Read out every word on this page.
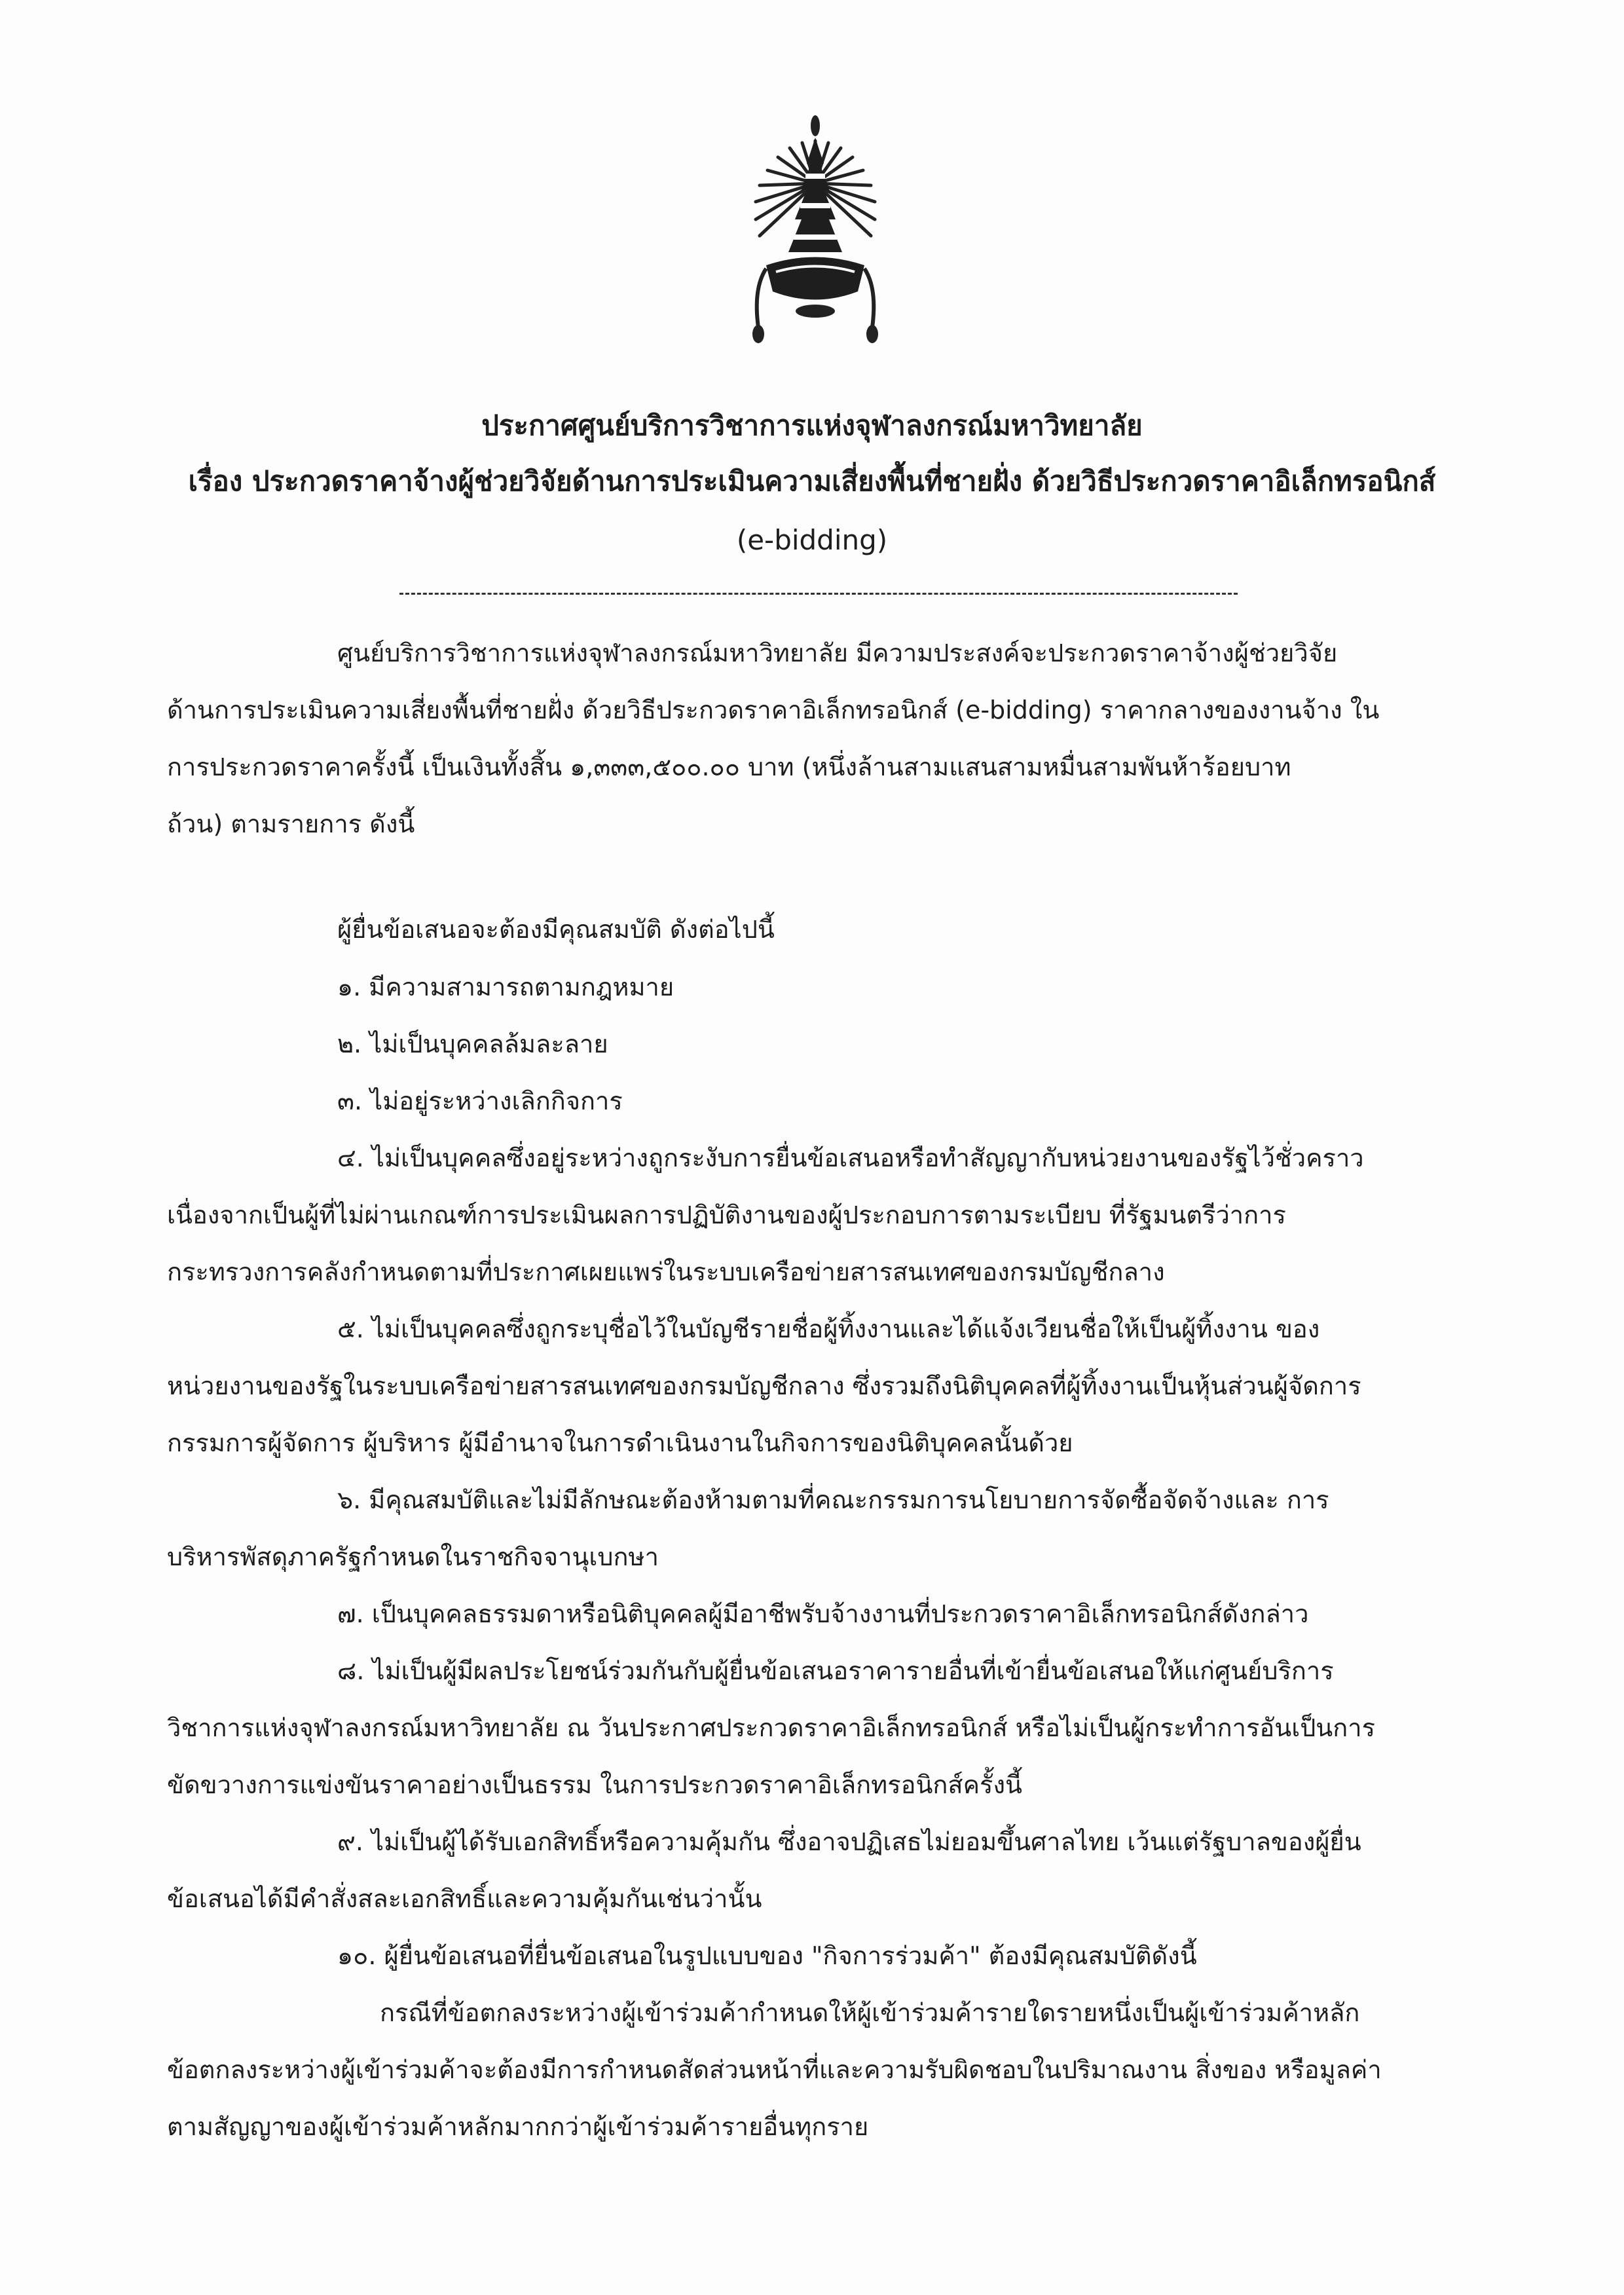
ประกาศศูนย์บริการวิชาการแห่งจุฬาลงกรณ์มหาวิทยาลัย
เรื่อง ประกวดราคาจ้างผู้ช่วยวิจัยด้านการประเมินความเสี่ยงพื้นที่ชายฝั่ง ด้วยวิธีประกวดราคาอิเล็กทรอนิกส์
(e-bidding)
ศูนย์บริการวิชาการแห่งจุฬาลงกรณ์มหาวิทยาลัย มีความประสงค์จะประกวดราคาจ้างผู้ช่วยวิจัย
ด้านการประเมินความเสี่ยงพื้นที่ชายฝั่ง ด้วยวิธีประกวดราคาอิเล็กทรอนิกส์ (e-bidding) ราคากลางของงานจ้าง ใน
การประกวดราคาครั้งนี้ เป็นเงินทั้งสิ้น ๑,๓๓๓,๕๐๐.๐๐ บาท (หนึ่งล้านสามแสนสามหมื่นสามพันห้าร้อยบาท
ถ้วน) ตามรายการ ดังนี้
ผู้ยื่นข้อเสนอจะต้องมีคุณสมบัติ ดังต่อไปนี้
๑. มีความสามารถตามกฎหมาย
๒. ไม่เป็นบุคคลล้มละลาย
๓. ไม่อยู่ระหว่างเลิกกิจการ
๔. ไม่เป็นบุคคลซึ่งอยู่ระหว่างถูกระงับการยื่นข้อเสนอหรือทำสัญญากับหน่วยงานของรัฐไว้ชั่วคราว
เนื่องจากเป็นผู้ที่ไม่ผ่านเกณฑ์การประเมินผลการปฏิบัติงานของผู้ประกอบการตามระเบียบ ที่รัฐมนตรีว่าการ
กระทรวงการคลังกำหนดตามที่ประกาศเผยแพร่ในระบบเครือข่ายสารสนเทศของกรมบัญชีกลาง
๕. ไม่เป็นบุคคลซึ่งถูกระบุชื่อไว้ในบัญชีรายชื่อผู้ทิ้งงานและได้แจ้งเวียนชื่อให้เป็นผู้ทิ้งงาน ของ
หน่วยงานของรัฐในระบบเครือข่ายสารสนเทศของกรมบัญชีกลาง ซึ่งรวมถึงนิติบุคคลที่ผู้ทิ้งงานเป็นหุ้นส่วนผู้จัดการ
กรรมการผู้จัดการ ผู้บริหาร ผู้มีอำนาจในการดำเนินงานในกิจการของนิติบุคคลนั้นด้วย
๖. มีคุณสมบัติและไม่มีลักษณะต้องห้ามตามที่คณะกรรมการนโยบายการจัดซื้อจัดจ้างและ การ
บริหารพัสดุภาครัฐกำหนดในราชกิจจานุเบกษา
๗. เป็นบุคคลธรรมดาหรือนิติบุคคลผู้มีอาชีพรับจ้างงานที่ประกวดราคาอิเล็กทรอนิกส์ดังกล่าว
๘. ไม่เป็นผู้มีผลประโยชน์ร่วมกันกับผู้ยื่นข้อเสนอราคารายอื่นที่เข้ายื่นข้อเสนอให้แก่ศูนย์บริการ
วิชาการแห่งจุฬาลงกรณ์มหาวิทยาลัย ณ วันประกาศประกวดราคาอิเล็กทรอนิกส์ หรือไม่เป็นผู้กระทำการอันเป็นการ
ขัดขวางการแข่งขันราคาอย่างเป็นธรรม ในการประกวดราคาอิเล็กทรอนิกส์ครั้งนี้
๙. ไม่เป็นผู้ได้รับเอกสิทธิ์หรือความคุ้มกัน ซึ่งอาจปฏิเสธไม่ยอมขึ้นศาลไทย เว้นแต่รัฐบาลของผู้ยื่น
ข้อเสนอได้มีคำสั่งสละเอกสิทธิ์และความคุ้มกันเช่นว่านั้น
๑๐. ผู้ยื่นข้อเสนอที่ยื่นข้อเสนอในรูปแบบของ "กิจการร่วมค้า" ต้องมีคุณสมบัติดังนี้
กรณีที่ข้อตกลงระหว่างผู้เข้าร่วมค้ากำหนดให้ผู้เข้าร่วมค้ารายใดรายหนึ่งเป็นผู้เข้าร่วมค้าหลัก
ข้อตกลงระหว่างผู้เข้าร่วมค้าจะต้องมีการกำหนดสัดส่วนหน้าที่และความรับผิดชอบในปริมาณงาน สิ่งของ หรือมูลค่า
ตามสัญญาของผู้เข้าร่วมค้าหลักมากกว่าผู้เข้าร่วมค้ารายอื่นทุกราย
